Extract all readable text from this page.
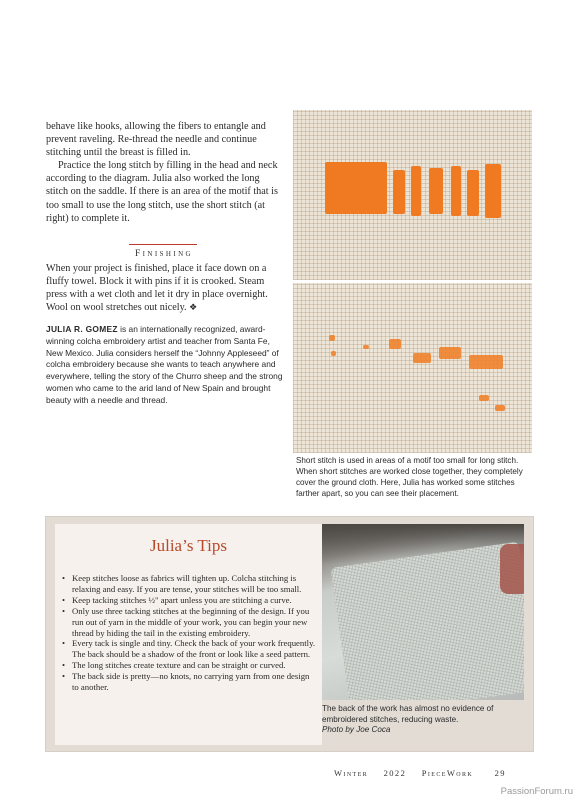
behave like hooks, allowing the fibers to entangle and prevent raveling. Re-thread the needle and continue stitching until the breast is filled in.

Practice the long stitch by filling in the head and neck according to the diagram. Julia also worked the long stitch on the saddle. If there is an area of the motif that is too small to use the long stitch, use the short stitch (at right) to complete it.

Finishing
When your project is finished, place it face down on a fluffy towel. Block it with pins if it is crooked. Steam press with a wet cloth and let it dry in place overnight. Wool on wool stretches out nicely. ❖
JULIA R. GOMEZ is an internationally recognized, award-winning colcha embroidery artist and teacher from Santa Fe, New Mexico. Julia considers herself the “Johnny Appleseed” of colcha embroidery because she wants to teach anywhere and everywhere, telling the story of the Churro sheep and the strong women who came to the arid land of New Spain and brought beauty with a needle and thread.
Short stitch is used in areas of a motif too small for long stitch. When short stitches are worked close together, they completely cover the ground cloth. Here, Julia has worked some stitches farther apart, so you can see their placement.
Julia’s Tips
• Keep stitches loose as fabrics will tighten up. Colcha stitching is relaxing and easy. If you are tense, your stitches will be too small.
• Keep tacking stitches ½" apart unless you are stitching a curve.
• Only use three tacking stitches at the beginning of the design. If you run out of yarn in the middle of your work, you can begin your new thread by hiding the tail in the existing embroidery.
• Every tack is single and tiny. Check the back of your work frequently. The back should be a shadow of the front or look like a seed pattern.
• The long stitches create texture and can be straight or curved.
• The back side is pretty—no knots, no carrying yarn from one design to another.
The back of the work has almost no evidence of embroidered stitches, reducing waste.
Photo by Joe Coca
Winter 2022 PieceWork	29
PassionForum.ru
